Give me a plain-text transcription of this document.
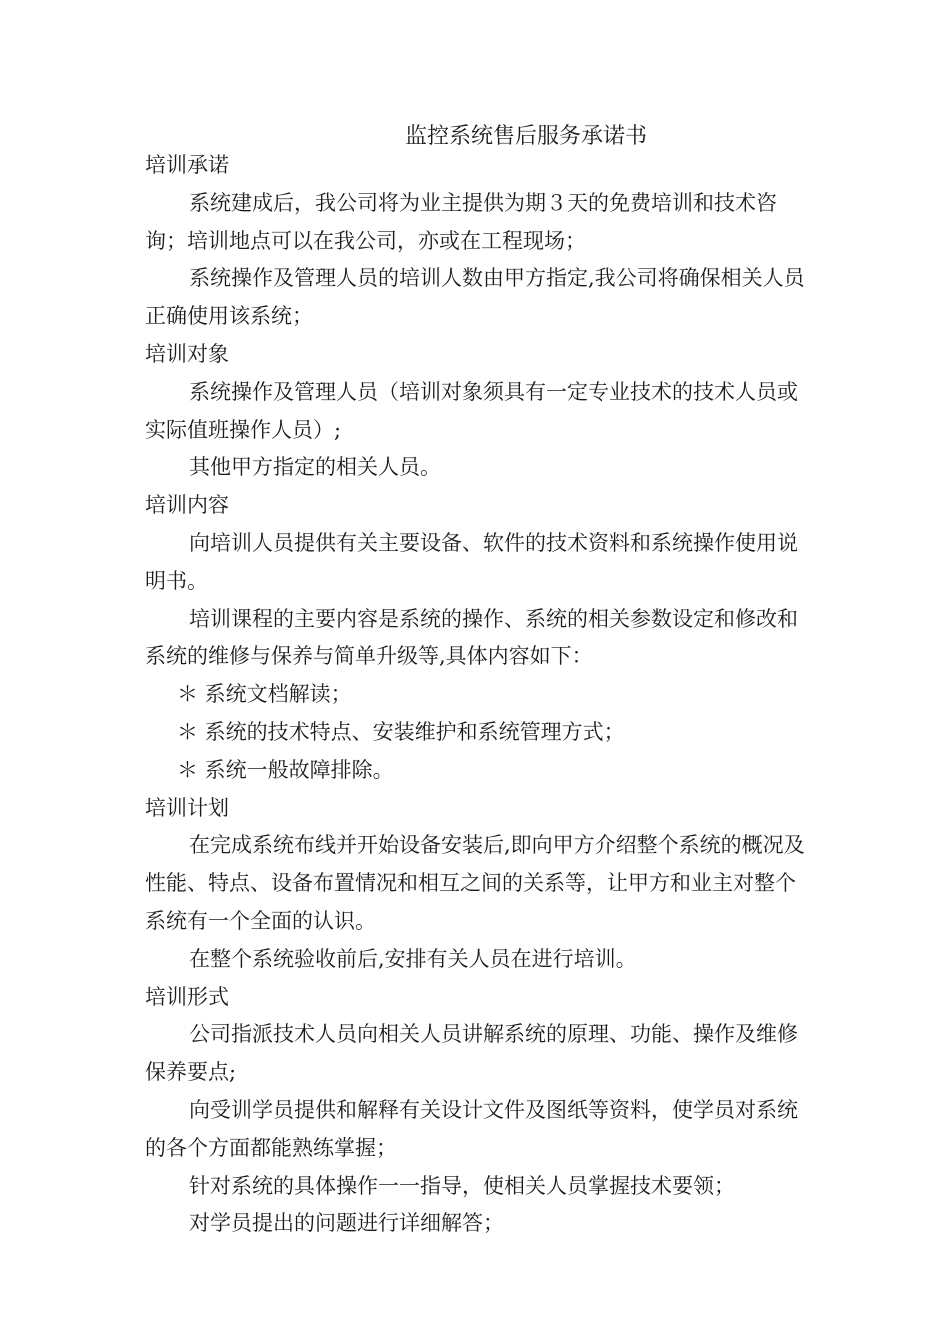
监控系统售后服务承诺书

培训承诺

系统建成后，我公司将为业主提供为期３天的免费培训和技术咨询；培训地点可以在我公司，亦或在工程现场；

系统操作及管理人员的培训人数由甲方指定,我公司将确保相关人员正确使用该系统；

培训对象

系统操作及管理人员（培训对象须具有一定专业技术的技术人员或实际值班操作人员）;

其他甲方指定的相关人员。

培训内容

向培训人员提供有关主要设备、软件的技术资料和系统操作使用说明书。

培训课程的主要内容是系统的操作、系统的相关参数设定和修改和系统的维修与保养与简单升级等,具体内容如下：

＊ 系统文档解读；

＊ 系统的技术特点、安装维护和系统管理方式；

＊ 系统一般故障排除。

培训计划

在完成系统布线并开始设备安装后,即向甲方介绍整个系统的概况及性能、特点、设备布置情况和相互之间的关系等，让甲方和业主对整个系统有一个全面的认识。

在整个系统验收前后,安排有关人员在进行培训。

培训形式

公司指派技术人员向相关人员讲解系统的原理、功能、操作及维修保养要点;

向受训学员提供和解释有关设计文件及图纸等资料，使学员对系统的各个方面都能熟练掌握；

针对系统的具体操作一一指导，使相关人员掌握技术要领；

对学员提出的问题进行详细解答；
